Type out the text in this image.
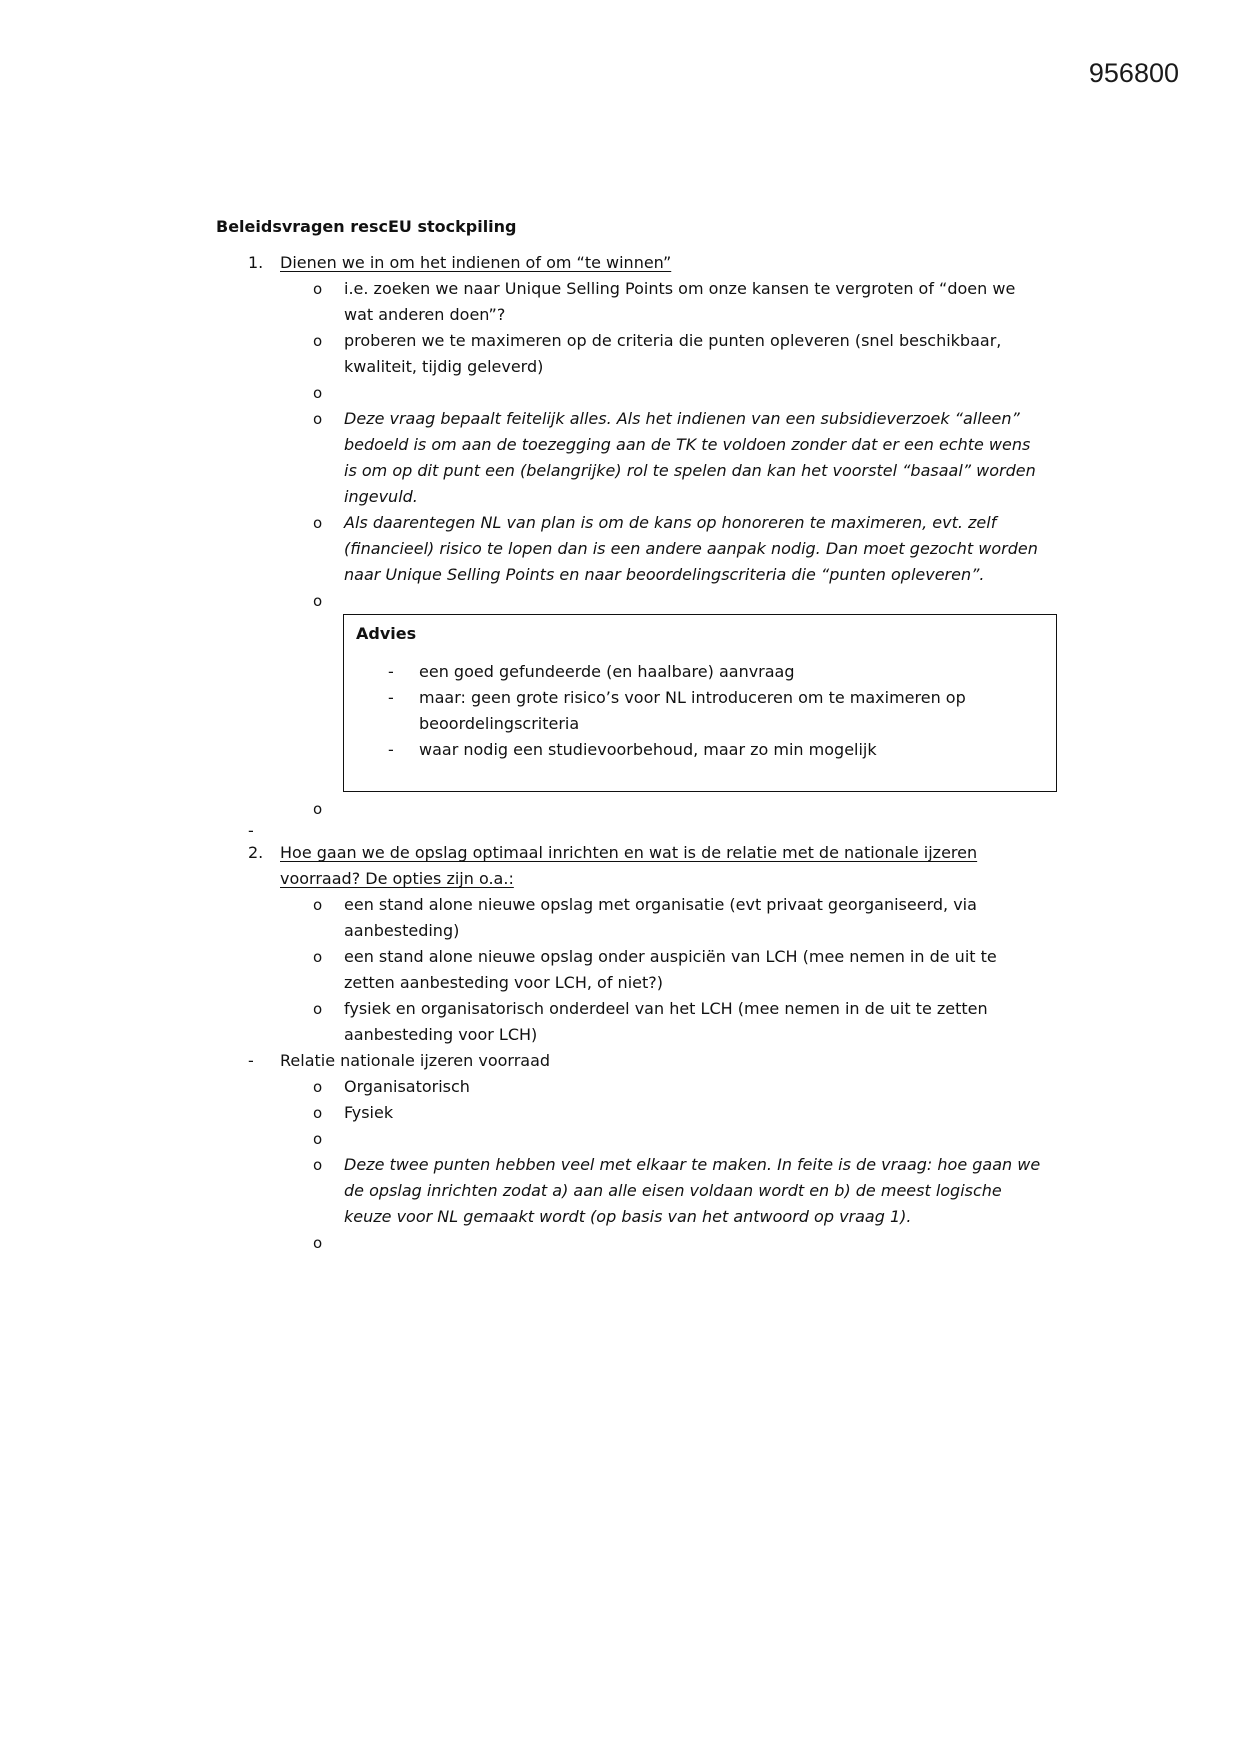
956800
Beleidsvragen rescEU stockpiling
1. Dienen we in om het indienen of om “te winnen”
o i.e. zoeken we naar Unique Selling Points om onze kansen te vergroten of “doen we wat anderen doen”?
o proberen we te maximeren op de criteria die punten opleveren (snel beschikbaar, kwaliteit, tijdig geleverd)
o
o Deze vraag bepaalt feitelijk alles. Als het indienen van een subsidieverzoek “alleen” bedoeld is om aan de toezegging aan de TK te voldoen zonder dat er een echte wens is om op dit punt een (belangrijke) rol te spelen dan kan het voorstel “basaal” worden ingevuld.
o Als daarentegen NL van plan is om de kans op honoreren te maximeren, evt. zelf (financieel) risico te lopen dan is een andere aanpak nodig. Dan moet gezocht worden naar Unique Selling Points en naar beoordelingscriteria die “punten opleveren”.
o
Advies
- een goed gefundeerde (en haalbare) aanvraag
- maar: geen grote risico’s voor NL introduceren om te maximeren op beoordelingscriteria
- waar nodig een studievoorbehoud, maar zo min mogelijk
o
-
2. Hoe gaan we de opslag optimaal inrichten en wat is de relatie met de nationale ijzeren voorraad? De opties zijn o.a.:
o een stand alone nieuwe opslag met organisatie (evt privaat georganiseerd, via aanbesteding)
o een stand alone nieuwe opslag onder auspiciën van LCH (mee nemen in de uit te zetten aanbesteding voor LCH, of niet?)
o fysiek en organisatorisch onderdeel van het LCH (mee nemen in de uit te zetten aanbesteding voor LCH)
- Relatie nationale ijzeren voorraad
o Organisatorisch
o Fysiek
o
o Deze twee punten hebben veel met elkaar te maken. In feite is de vraag: hoe gaan we de opslag inrichten zodat a) aan alle eisen voldaan wordt en b) de meest logische keuze voor NL gemaakt wordt (op basis van het antwoord op vraag 1).
o
